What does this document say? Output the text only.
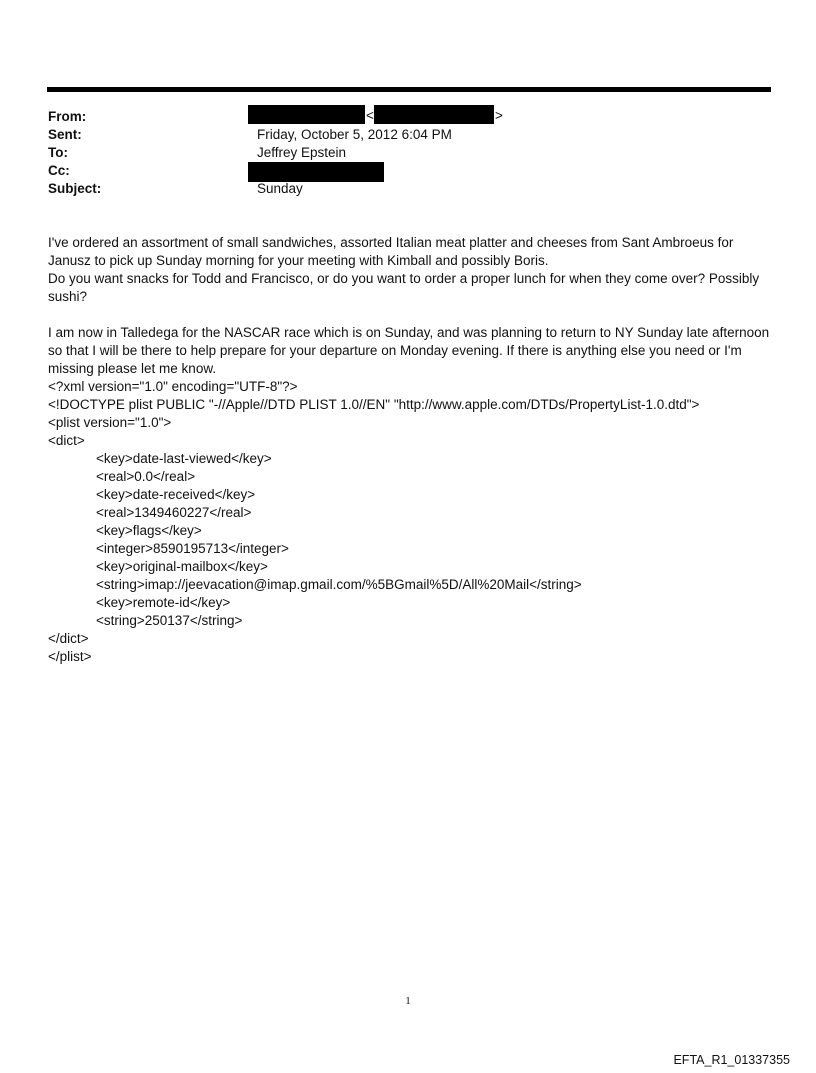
From:
Sent:
To:
Cc:
Subject:
<	>
Friday, October 5, 2012 6:04 PM
Jeffrey Epstein
Sunday
I've ordered an assortment of small sandwiches, assorted Italian meat platter and cheeses from Sant Ambroeus for
Janusz to pick up Sunday morning for your meeting with Kimball and possibly Boris.
Do you want snacks for Todd and Francisco, or do you want to order a proper lunch for when they come over? Possibly
sushi?
I am now in Talledega for the NASCAR race which is on Sunday, and was planning to return to NY Sunday late afternoon
so that I will be there to help prepare for your departure on Monday evening. If there is anything else you need or I'm
missing please let me know.
<?xml version="1.0" encoding="UTF-8"?>
<!DOCTYPE plist PUBLIC "-//Apple//DTD PLIST 1.0//EN" "http://www.apple.com/DTDs/PropertyList-1.0.dtd">
<plist version="1.0">
<dict>
<key>date-last-viewed</key>
<real>0.0</real>
<key>date-received</key>
<real>1349460227</real>
<key>flags</key>
<integer>8590195713</integer>
<key>original-mailbox</key>
<string>imap://jeevacation@imap.gmail.com/%5BGmail%5D/All%20Mail</string>
<key>remote-id</key>
<string>250137</string>
</dict>
</plist>
1
EFTA_R1_01337355
